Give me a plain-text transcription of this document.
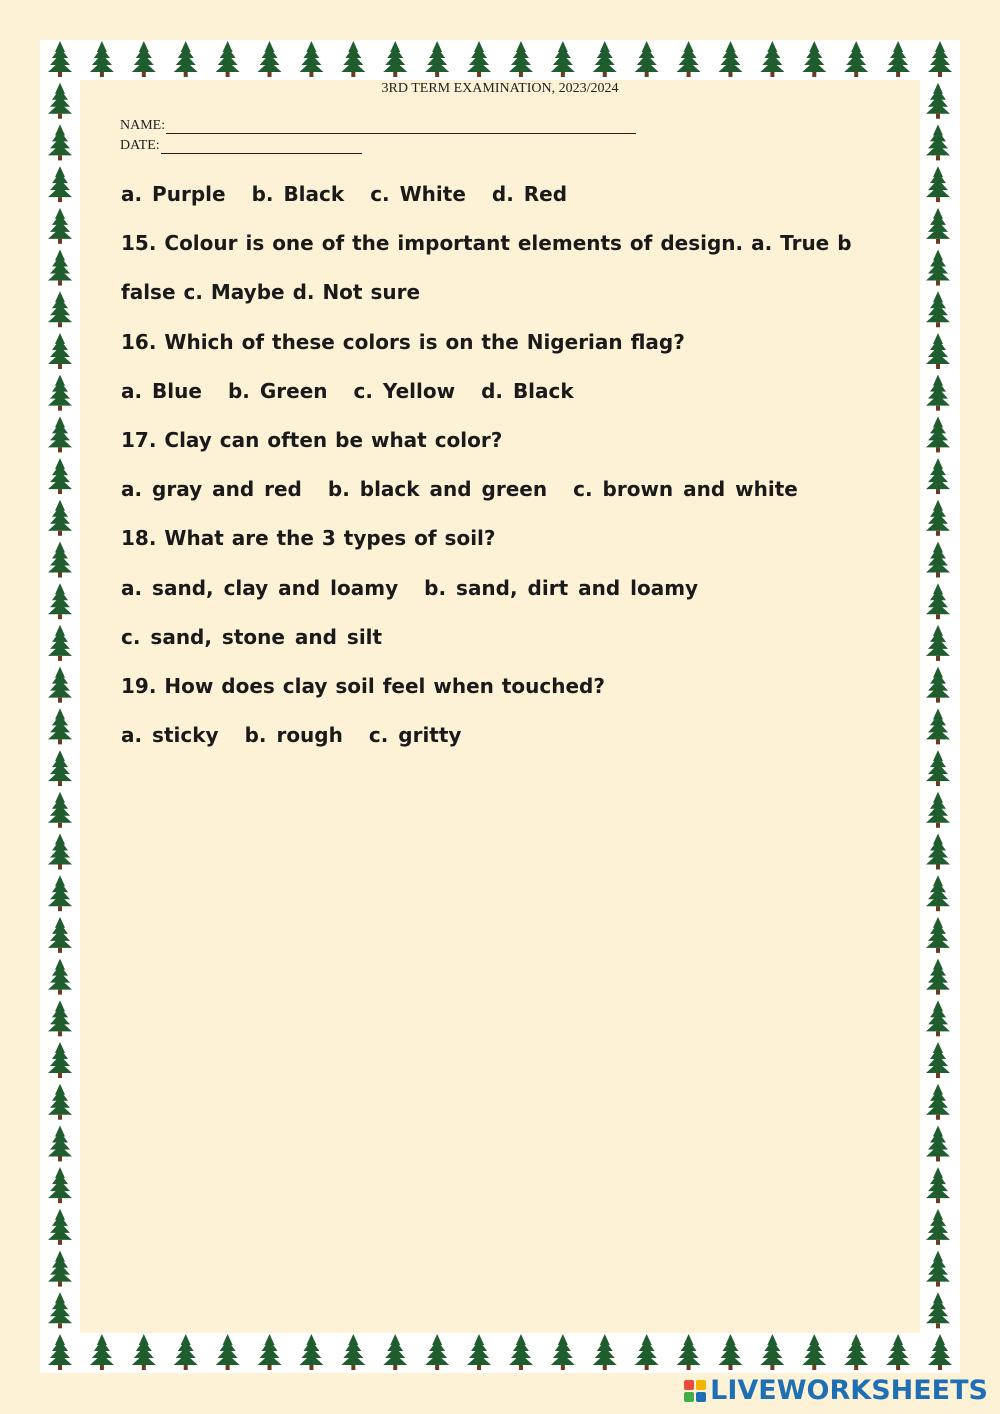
3RD TERM EXAMINATION, 2023/2024
NAME:
DATE:
a. Purple b. Black c. White d. Red
15. Colour is one of the important elements of design. a. True b
false c. Maybe d. Not sure
16. Which of these colors is on the Nigerian flag?
a. Blue b. Green c. Yellow d. Black
17. Clay can often be what color?
a. gray and red b. black and green c. brown and white
18. What are the 3 types of soil?
a. sand, clay and loamy b. sand, dirt and loamy
c. sand, stone and silt
19. How does clay soil feel when touched?
a. sticky b. rough c. gritty
LIVEWORKSHEETS
